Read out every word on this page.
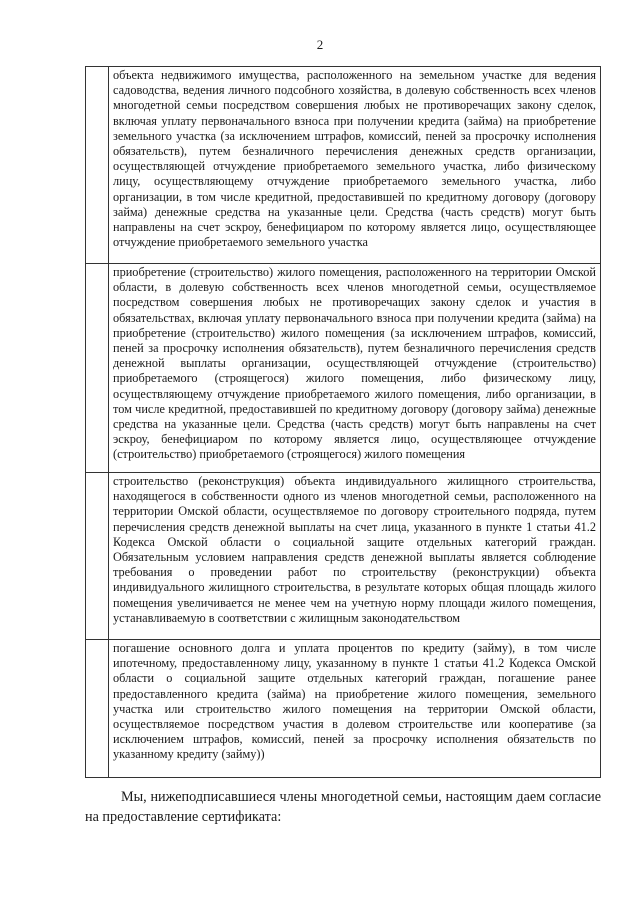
2

	объекта недвижимого имущества, расположенного на земельном участке для ведения садоводства, ведения личного подсобного хозяйства, в долевую собственность всех членов многодетной семьи посредством совершения любых не противоречащих закону сделок, включая уплату первоначального взноса при получении кредита (займа) на приобретение земельного участка (за исключением штрафов, комиссий, пеней за просрочку исполнения обязательств), путем безналичного перечисления денежных средств организации, осуществляющей отчуждение приобретаемого земельного участка, либо физическому лицу, осуществляющему отчуждение приобретаемого земельного участка, либо организации, в том числе кредитной, предоставившей по кредитному договору (договору займа) денежные средства на указанные цели. Средства (часть средств) могут быть направлены на счет эскроу, бенефициаром по которому является лицо, осуществляющее отчуждение приобретаемого земельного участка

	приобретение (строительство) жилого помещения, расположенного на территории Омской области, в долевую собственность всех членов многодетной семьи, осуществляемое посредством совершения любых не противоречащих закону сделок и участия в обязательствах, включая уплату первоначального взноса при получении кредита (займа) на приобретение (строительство) жилого помещения (за исключением штрафов, комиссий, пеней за просрочку исполнения обязательств), путем безналичного перечисления средств денежной выплаты организации, осуществляющей отчуждение (строительство) приобретаемого (строящегося) жилого помещения, либо физическому лицу, осуществляющему отчуждение приобретаемого жилого помещения, либо организации, в том числе кредитной, предоставившей по кредитному договору (договору займа) денежные средства на указанные цели. Средства (часть средств) могут быть направлены на счет эскроу, бенефициаром по которому является лицо, осуществляющее отчуждение (строительство) приобретаемого (строящегося) жилого помещения

	строительство (реконструкция) объекта индивидуального жилищного строительства, находящегося в собственности одного из членов многодетной семьи, расположенного на территории Омской области, осуществляемое по договору строительного подряда, путем перечисления средств денежной выплаты на счет лица, указанного в пункте 1 статьи 41.2 Кодекса Омской области о социальной защите отдельных категорий граждан. Обязательным условием направления средств денежной выплаты является соблюдение требования о проведении работ по строительству (реконструкции) объекта индивидуального жилищного строительства, в результате которых общая площадь жилого помещения увеличивается не менее чем на учетную норму площади жилого помещения, устанавливаемую в соответствии с жилищным законодательством

	погашение основного долга и уплата процентов по кредиту (займу), в том числе ипотечному, предоставленному лицу, указанному в пункте 1 статьи 41.2 Кодекса Омской области о социальной защите отдельных категорий граждан, погашение ранее предоставленного кредита (займа) на приобретение жилого помещения, земельного участка или строительство жилого помещения на территории Омской области, осуществляемое посредством участия в долевом строительстве или кооперативе (за исключением штрафов, комиссий, пеней за просрочку исполнения обязательств по указанному кредиту (займу))

Мы, нижеподписавшиеся члены многодетной семьи, настоящим даем согласие на предоставление сертификата:
